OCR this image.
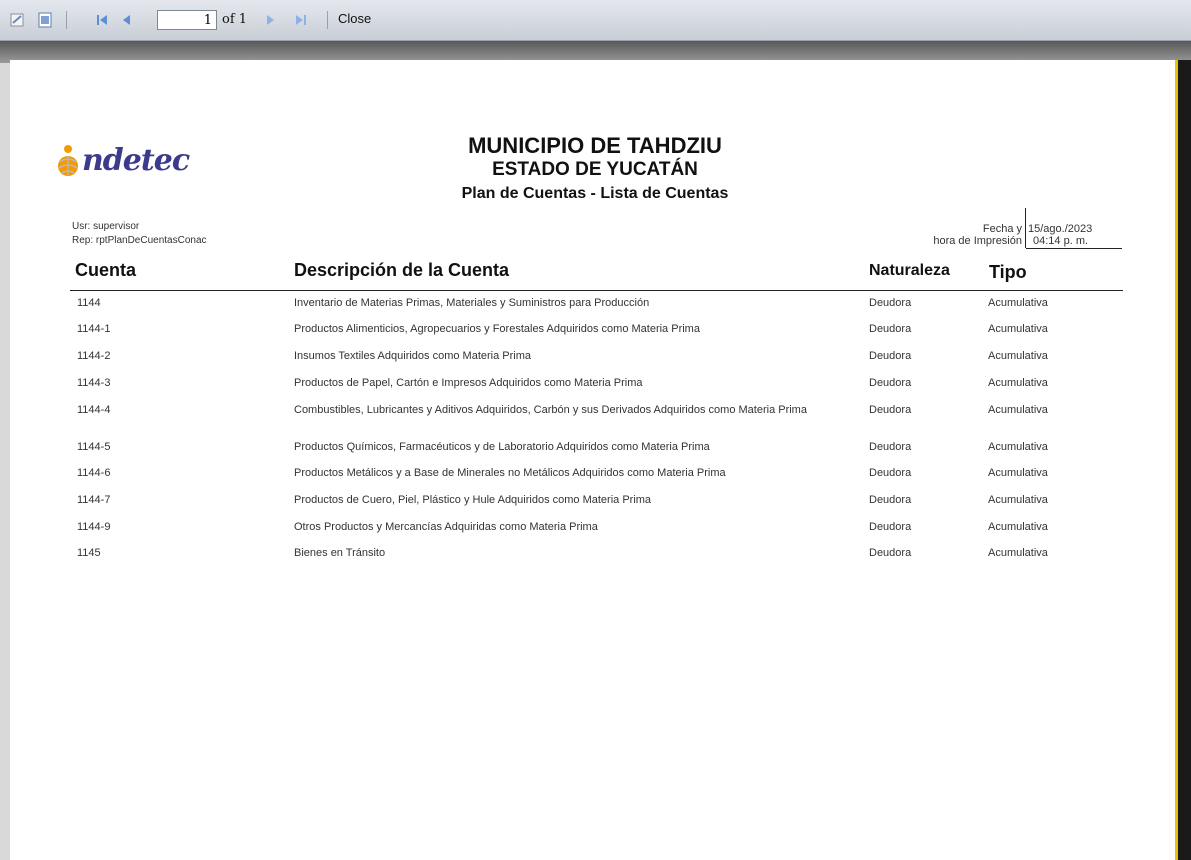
1
of 1	Close
ndetec	MUNICIPIO DE TAHDZIU
ESTADO DE YUCATÁN
Plan de Cuentas - Lista de Cuentas
Usr: supervisor
Rep: rptPlanDeCuentasConac
Fecha y
hora de Impresión
15/ago./2023
04:14 p. m.
Cuenta	Descripción de la Cuenta	Naturaleza Tipo
1144	Inventario de Materias Primas, Materiales y Suministros para Producción	Deudora	Acumulativa
1144-1	Productos Alimenticios, Agropecuarios y Forestales Adquiridos como Materia Prima	Deudora	Acumulativa
1144-2	Insumos Textiles Adquiridos como Materia Prima	Deudora	Acumulativa
1144-3	Productos de Papel, Cartón e Impresos Adquiridos como Materia Prima	Deudora	Acumulativa
1144-4	Combustibles, Lubricantes y Aditivos Adquiridos, Carbón y sus Derivados Adquiridos como Materia Prima	Deudora	Acumulativa
1144-5	Productos Químicos, Farmacéuticos y de Laboratorio Adquiridos como Materia Prima	Deudora	Acumulativa
1144-6	Productos Metálicos y a Base de Minerales no Metálicos Adquiridos como Materia Prima	Deudora	Acumulativa
1144-7	Productos de Cuero, Piel, Plástico y Hule Adquiridos como Materia Prima	Deudora	Acumulativa
1144-9	Otros Productos y Mercancías Adquiridas como Materia Prima	Deudora	Acumulativa
1145	Bienes en Tránsito	Deudora	Acumulativa
